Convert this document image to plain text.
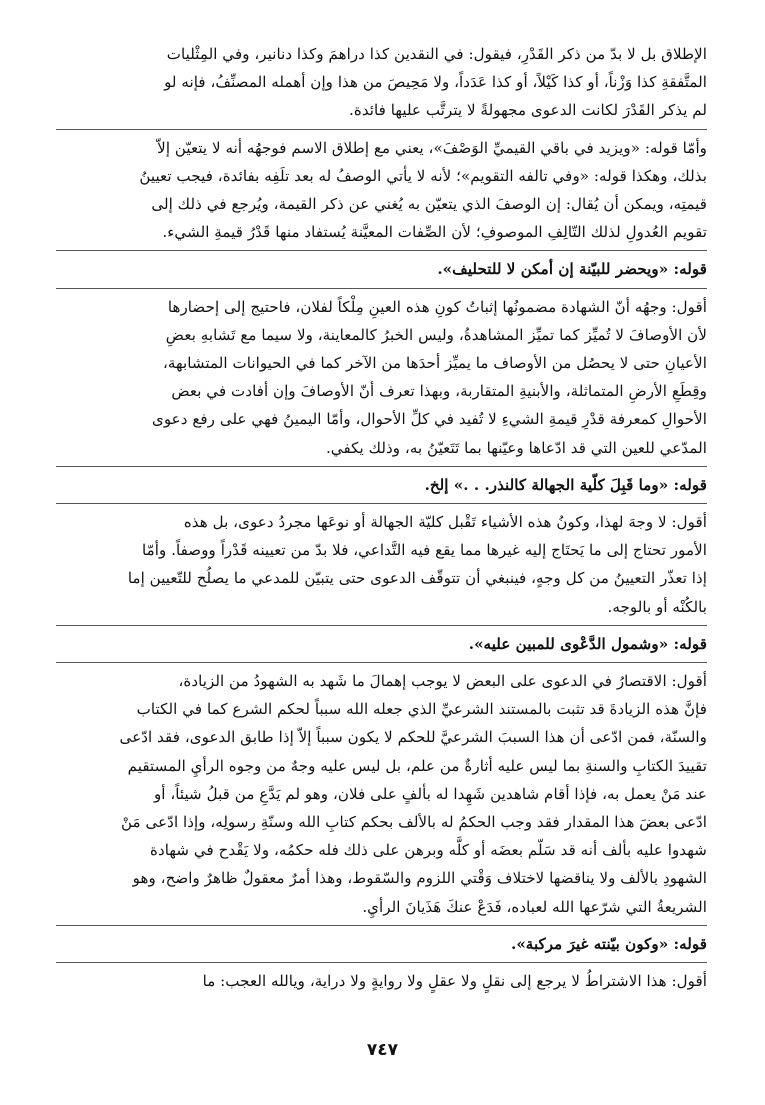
الإطلاق بل لا بدّ من ذكر القَدْرِ، فيقول: في النقدين كذا دراهمَ وكذا دنانير، وفي المِثْليات

المتَّفقةِ كذا وَزْناً، أو كذا كَيْلاً، أو كذا عَدَداً، ولا مَحِيصَ من هذا وإن أهمله المصنِّفُ، فإنه لو

لم يذكر القَدْرَ لكانت الدعوى مجهولةً لا يترتَّب عليها فائدة.

وأمّا قوله: «ويزيد في باقي القيميِّ الوَصْفَ»، يعني مع إطلاق الاسم فوجهُه أنه لا يتعيّن إلاّ

بذلك، وهكذا قوله: «وفي تالفه التقويم»؛ لأنه لا يأتي الوصفُ له بعد تلَفِه بفائدة، فيجب تعيينُ

قيمتِه، ويمكن أن يُقال: إن الوصفَ الذي يتعيّن به يُغني عن ذكر القيمة، ويُرجع في ذلك إلى

تقويم العُدولِ لذلك التّالِفِ الموصوفِ؛ لأن الصِّفات المعيَّنة يُستفاد منها قَدْرُ قيمةِ الشيء.

قوله: «ويحضر للبيّنة إن أمكن لا للتحليف».

أقول: وجهُه أنّ الشهادة مضمونُها إثباتُ كونِ هذه العينِ مِلْكاً لفلان، فاحتيج إلى إحضارها

لأن الأوصافَ لا تُميِّز كما تميِّز المشاهدةُ، وليس الخبرُ كالمعاينة، ولا سيما مع تَشابهِ بعضِ

الأعيانِ حتى لا يحصُل من الأوصاف ما يميِّز أحدَها من الآخر كما في الحيوانات المتشابهة،

وقِطَعِ الأرضِ المتماثلة، والأبنيةِ المتقاربة، وبهذا تعرف أنّ الأوصافَ وإن أفادت في بعض

الأحوالِ كمعرفة قدْرِ قيمةِ الشيءِ لا تُفيد في كلِّ الأحوال، وأمّا اليمينُ فهي على رفع دعوى

المدّعي للعين التي قد ادّعاها وعيّنها بما تَتَعيّنُ به، وذلك يكفي.

قوله: «وما قَبِلَ كلّية الجهالة كالنذر. . .» إلخ.

أقول: لا وجهَ لهذا، وكونُ هذه الأشياء تَقْبل كليّة الجهالة أو نوعَها مجردُ دعوى، بل هذه

الأمور تحتاج إلى ما يَحتَاج إليه غيرها مما يقع فيه التَّداعي، فلا بدّ من تعيينه قَدْراً ووصفاً. وأمّا

إذا تعذّر التعيينُ من كل وجهٍ، فينبغي أن تتوقّف الدعوى حتى يتبيّن للمدعي ما يصلُح للتّعيين إما

بالكُنْه أو بالوجه.

قوله: «وشمول الدَّعْوى للمبين عليه».

أقول: الاقتصارُ في الدعوى على البعض لا يوجب إهمالَ ما شَهد به الشهودُ من الزيادة،

فإنَّ هذه الزيادةَ قد تثبت بالمستند الشرعيِّ الذي جعله الله سبباً لحكم الشرع كما في الكتاب

والسنّة، فمن ادّعى أن هذا السببَ الشرعيَّ للحكم لا يكون سبباً إلاّ إذا طابق الدعوى، فقد ادّعى

تقييدَ الكتابِ والسنةِ بما ليس عليه أثارةٌ من علم، بل ليس عليه وجهٌ من وجوه الرأيِ المستقيم

عند مَنْ يعمل به، فإذا أقام شاهدين شَهِدا له بألفٍ على فلان، وهو لم يَدَّعِ من قبلُ شيئاً، أو

ادّعى بعضَ هذا المقدار فقد وجب الحكمُ له بالألف بحكم كتابِ الله وسنّةِ رسولِه، وإذا ادّعى مَنْ

شهدوا عليه بألف أنه قد سَلّم بعضَه أو كلَّه وبرهن على ذلك فله حكمُه، ولا يَقْدح في شهادة

الشهودِ بالألف ولا يناقضها لاختلاف وَقْتي اللزوم والسّقوط، وهذا أمرٌ معقولٌ ظاهرٌ واضح، وهو

الشريعةُ التي شرّعها الله لعباده، فَدَعْ عنكَ هَذَيانَ الرأيِ.

قوله: «وكون بيّنته غيرَ مركبة».

أقول: هذا الاشتراطُ لا يرجع إلى نقلٍ ولا عقلٍ ولا روايةٍ ولا دراية، ويالله العجب: ما

٧٤٧
